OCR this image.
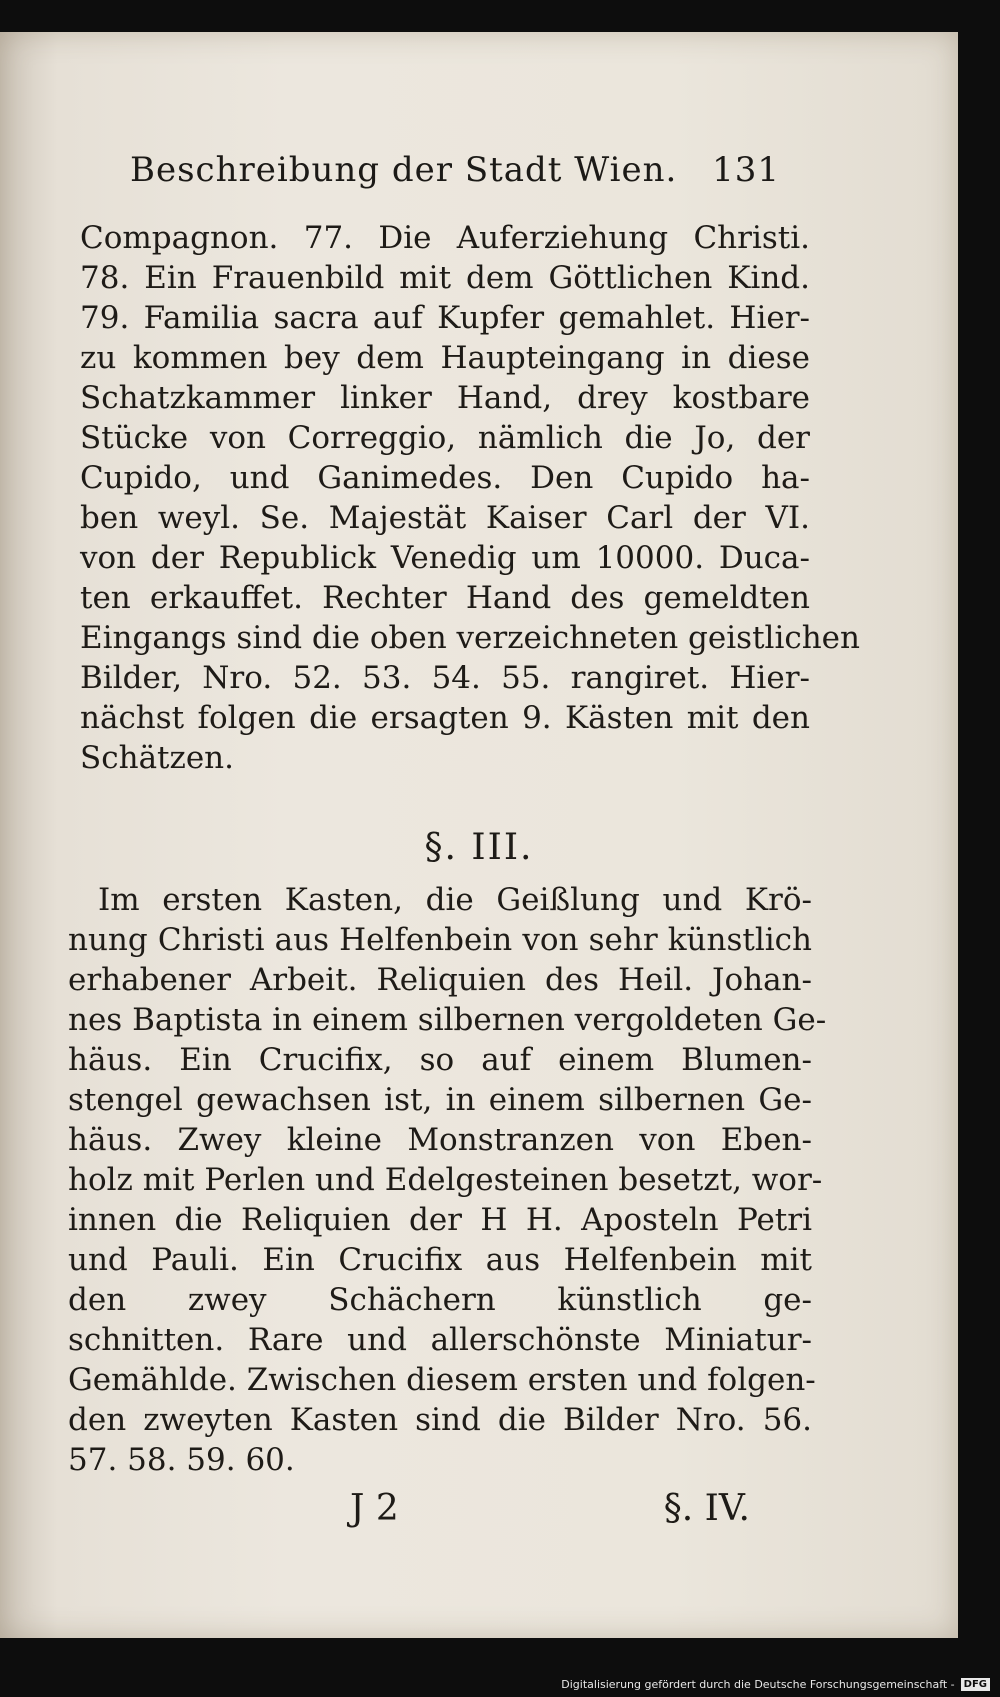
Beschreibung der Stadt Wien. 131
Compagnon. 77. Die Auferziehung Christi.
78. Ein Frauenbild mit dem Göttlichen Kind.
79. Familia sacra auf Kupfer gemahlet. Hier-
zu kommen bey dem Haupteingang in diese
Schatzkammer linker Hand, drey kostbare
Stücke von Correggio, nämlich die Jo, der
Cupido, und Ganimedes. Den Cupido ha-
ben weyl. Se. Majestät Kaiser Carl der VI.
von der Republick Venedig um 10000. Duca-
ten erkauffet. Rechter Hand des gemeldten
Eingangs sind die oben verzeichneten geistlichen
Bilder, Nro. 52. 53. 54. 55. rangiret. Hier-
nächst folgen die ersagten 9. Kästen mit den
Schätzen.
§. III.
Im ersten Kasten, die Geißlung und Krö-
nung Christi aus Helfenbein von sehr künstlich
erhabener Arbeit. Reliquien des Heil. Johan-
nes Baptista in einem silbernen vergoldeten Ge-
häus. Ein Crucifix, so auf einem Blumen-
stengel gewachsen ist, in einem silbernen Ge-
häus. Zwey kleine Monstranzen von Eben-
holz mit Perlen und Edelgesteinen besetzt, wor-
innen die Reliquien der H H. Aposteln Petri
und Pauli. Ein Crucifix aus Helfenbein mit
den zwey Schächern künstlich ge-
schnitten. Rare und allerschönste Miniatur-
Gemählde. Zwischen diesem ersten und folgen-
den zweyten Kasten sind die Bilder Nro. 56.
57. 58. 59. 60.
J 2	§. IV.
Digitalisierung gefördert durch die Deutsche Forschungsgemeinschaft - DFG
